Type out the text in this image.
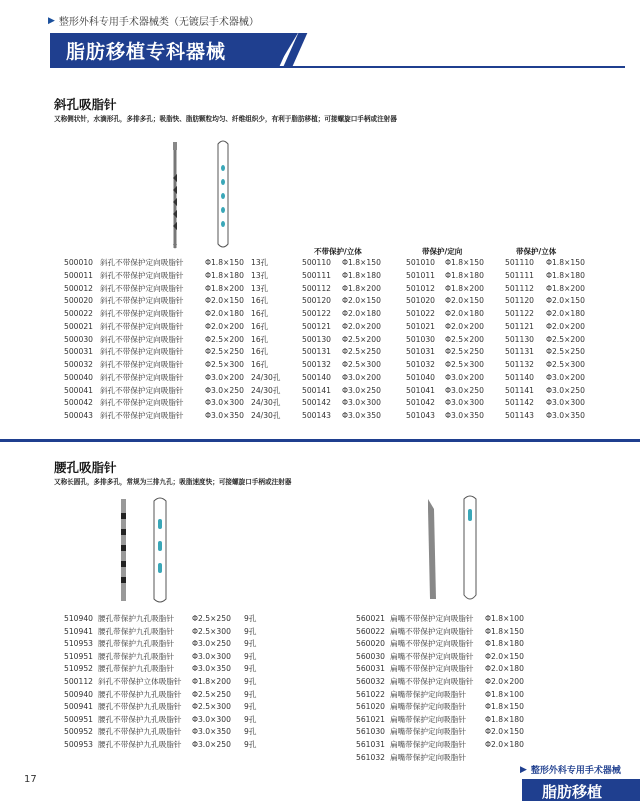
▶ 整形外科专用手术器械类（无镀层手术器械）
脂肪移植专科器械
斜孔吸脂针
又称侧状针，水滴形孔，多排多孔；吸脂快、脂肪颗粒均匀、纤维组织少，有利于脂肪移植；可接螺旋口手柄或注射器
不带保护/立体	带保护/定向	带保护/立体
500010 斜孔不带保护定向吸脂针	Φ1.8×150 13孔	500110 Φ1.8×150	501010 Φ1.8×150	501110 Φ1.8×150
500011 斜孔不带保护定向吸脂针	Φ1.8×180 13孔	500111 Φ1.8×180	501011 Φ1.8×180	501111 Φ1.8×180
500012 斜孔不带保护定向吸脂针	Φ1.8×200 13孔	500112 Φ1.8×200	501012 Φ1.8×200	501112 Φ1.8×200
500020 斜孔不带保护定向吸脂针	Φ2.0×150 16孔	500120 Φ2.0×150	501020 Φ2.0×150	501120 Φ2.0×150
500022 斜孔不带保护定向吸脂针	Φ2.0×180 16孔	500122 Φ2.0×180	501022 Φ2.0×180	501122 Φ2.0×180
500021 斜孔不带保护定向吸脂针	Φ2.0×200 16孔	500121 Φ2.0×200	501021 Φ2.0×200	501121 Φ2.0×200
500030 斜孔不带保护定向吸脂针	Φ2.5×200 16孔	500130 Φ2.5×200	501030 Φ2.5×200	501130 Φ2.5×200
500031 斜孔不带保护定向吸脂针	Φ2.5×250 16孔	500131 Φ2.5×250	501031 Φ2.5×250	501131 Φ2.5×250
500032 斜孔不带保护定向吸脂针	Φ2.5×300 16孔	500132 Φ2.5×300	501032 Φ2.5×300	501132 Φ2.5×300
500040 斜孔不带保护定向吸脂针	Φ3.0×200 24/30孔	500140 Φ3.0×200	501040 Φ3.0×200	501140 Φ3.0×200
500041 斜孔不带保护定向吸脂针	Φ3.0×250 24/30孔	500141 Φ3.0×250	501041 Φ3.0×250	501141 Φ3.0×250
500042 斜孔不带保护定向吸脂针	Φ3.0×300 24/30孔	500142 Φ3.0×300	501042 Φ3.0×300	501142 Φ3.0×300
500043 斜孔不带保护定向吸脂针	Φ3.0×350 24/30孔	500143 Φ3.0×350	501043 Φ3.0×350	501143 Φ3.0×350
腰孔吸脂针
又称长圆孔，多排多孔，常规为三排九孔；吸脂速度快；可接螺旋口手柄或注射器
510940 腰孔带保护九孔吸脂针 Φ2.5×250 9孔
510941 腰孔带保护九孔吸脂针 Φ2.5×300 9孔
510953 腰孔带保护九孔吸脂针 Φ3.0×250 9孔
510951 腰孔带保护九孔吸脂针 Φ3.0×300 9孔
510952 腰孔带保护九孔吸脂针 Φ3.0×350 9孔
500112 斜孔不带保护立体吸脂针 Φ1.8×200 9孔
500940 腰孔不带保护九孔吸脂针 Φ2.5×250 9孔
500941 腰孔不带保护九孔吸脂针 Φ2.5×300 9孔
500951 腰孔不带保护九孔吸脂针 Φ3.0×300 9孔
500952 腰孔不带保护九孔吸脂针 Φ3.0×350 9孔
500953 腰孔不带保护九孔吸脂针 Φ3.0×250 9孔
560021 扁嘴不带保护定向吸脂针 Φ1.8×100
560022 扁嘴不带保护定向吸脂针 Φ1.8×150
560020 扁嘴不带保护定向吸脂针 Φ1.8×180
560030 扁嘴不带保护定向吸脂针 Φ2.0×150
560031 扁嘴不带保护定向吸脂针 Φ2.0×180
560032 扁嘴不带保护定向吸脂针 Φ2.0×200
561022 扁嘴带保护定向吸脂针	Φ1.8×100
561020 扁嘴带保护定向吸脂针	Φ1.8×150
561021 扁嘴带保护定向吸脂针	Φ1.8×180
561030 扁嘴带保护定向吸脂针	Φ2.0×150
561031 扁嘴带保护定向吸脂针	Φ2.0×180
561032 扁嘴带保护定向吸脂针
17
▶ 整形外科专用手术器械
脂肪移植
